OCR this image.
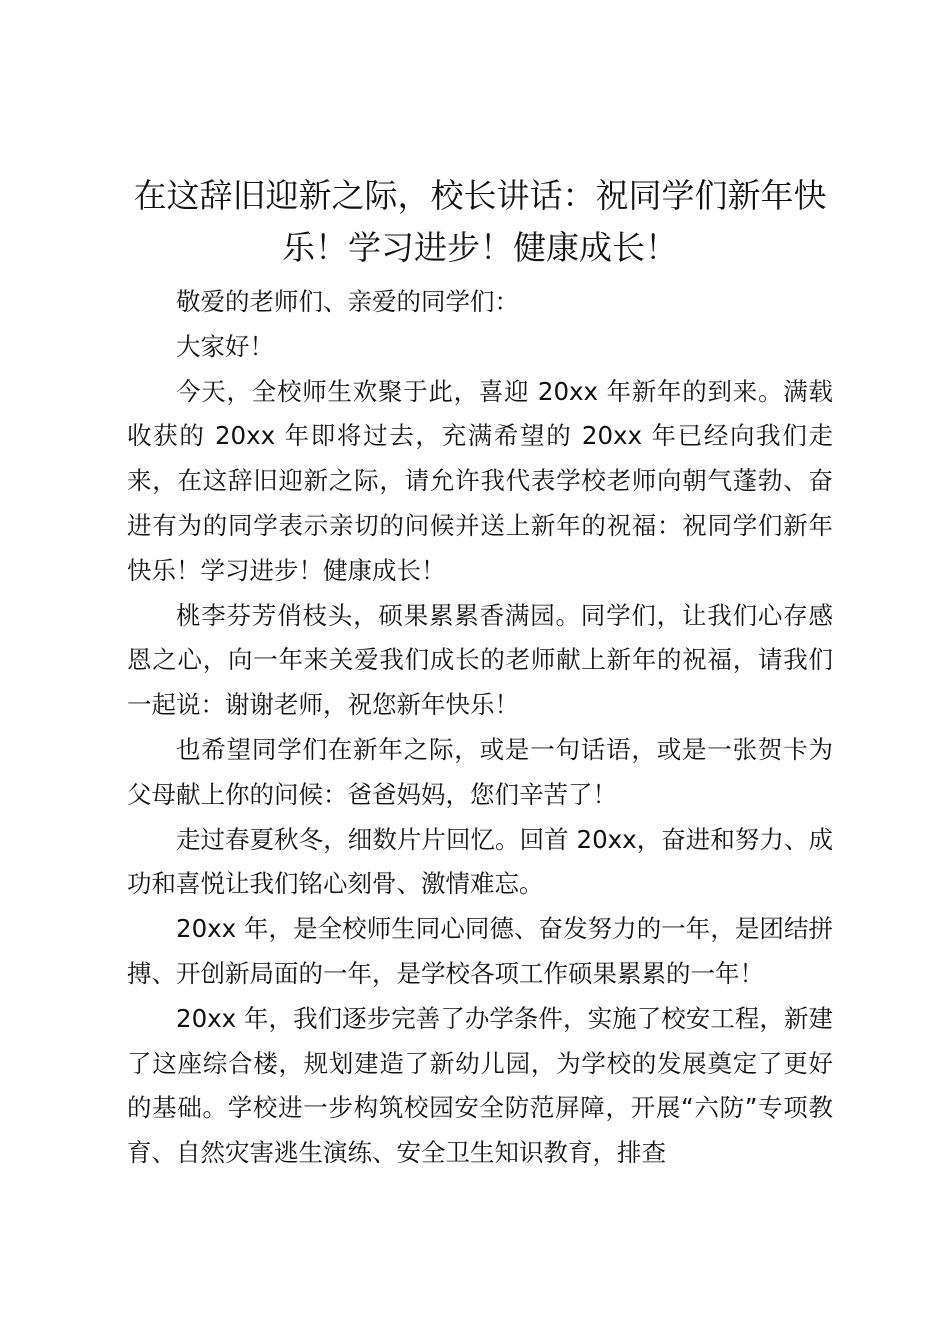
在这辞旧迎新之际，校长讲话：祝同学们新年快乐！学习进步！健康成长！

敬爱的老师们、亲爱的同学们：

大家好！

今天，全校师生欢聚于此，喜迎 20xx 年新年的到来。满载收获的 20xx 年即将过去，充满希望的 20xx 年已经向我们走来，在这辞旧迎新之际，请允许我代表学校老师向朝气蓬勃、奋进有为的同学表示亲切的问候并送上新年的祝福：祝同学们新年快乐！学习进步！健康成长！

桃李芬芳俏枝头，硕果累累香满园。同学们，让我们心存感恩之心，向一年来关爱我们成长的老师献上新年的祝福，请我们一起说：谢谢老师，祝您新年快乐！

也希望同学们在新年之际，或是一句话语，或是一张贺卡为父母献上你的问候：爸爸妈妈，您们辛苦了！

走过春夏秋冬，细数片片回忆。回首 20xx，奋进和努力、成功和喜悦让我们铭心刻骨、激情难忘。

20xx 年，是全校师生同心同德、奋发努力的一年，是团结拼搏、开创新局面的一年，是学校各项工作硕果累累的一年！

20xx 年，我们逐步完善了办学条件，实施了校安工程，新建了这座综合楼，规划建造了新幼儿园，为学校的发展奠定了更好的基础。学校进一步构筑校园安全防范屏障，开展“六防”专项教育、自然灾害逃生演练、安全卫生知识教育，排查
